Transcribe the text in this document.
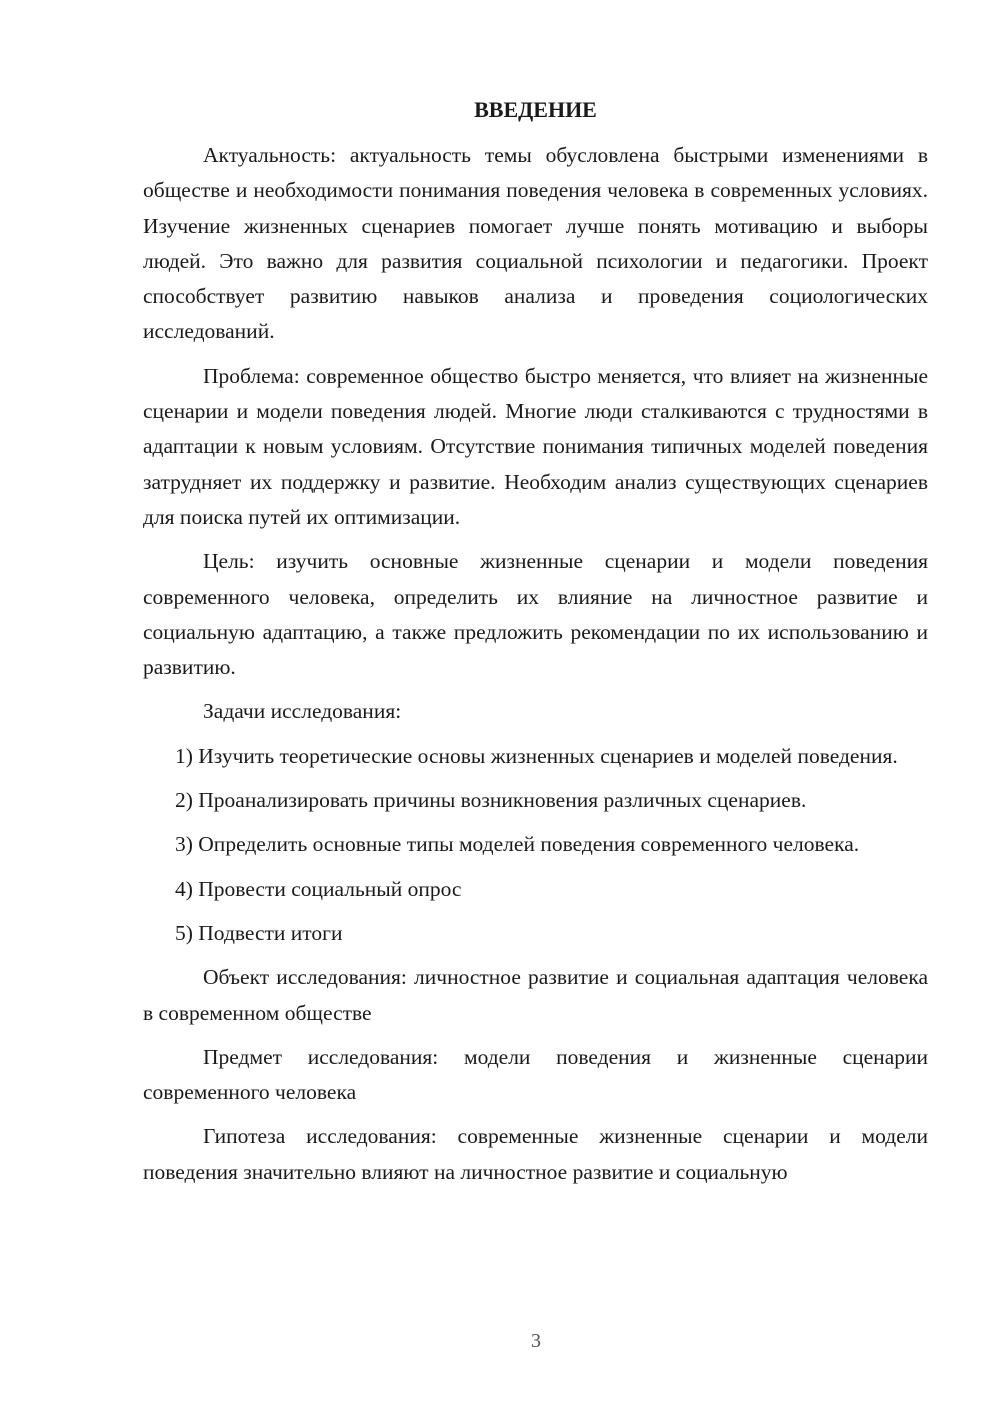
ВВЕДЕНИЕ

Актуальность: актуальность темы обусловлена быстрыми изменениями в обществе и необходимости понимания поведения человека в современных условиях. Изучение жизненных сценариев помогает лучше понять мотивацию и выборы людей. Это важно для развития социальной психологии и педагогики. Проект способствует развитию навыков анализа и проведения социологических исследований.

Проблема: современное общество быстро меняется, что влияет на жизненные сценарии и модели поведения людей. Многие люди сталкиваются с трудностями в адаптации к новым условиям. Отсутствие понимания типичных моделей поведения затрудняет их поддержку и развитие. Необходим анализ существующих сценариев для поиска путей их оптимизации.

Цель: изучить основные жизненные сценарии и модели поведения современного человека, определить их влияние на личностное развитие и социальную адаптацию, а также предложить рекомендации по их использованию и развитию.

Задачи исследования:

1) Изучить теоретические основы жизненных сценариев и моделей поведения.

2) Проанализировать причины возникновения различных сценариев.

3) Определить основные типы моделей поведения современного человека.

4) Провести социальный опрос

5) Подвести итоги

Объект исследования: личностное развитие и социальная адаптация человека в современном обществе

Предмет исследования: модели поведения и жизненные сценарии современного человека

Гипотеза исследования: современные жизненные сценарии и модели поведения значительно влияют на личностное развитие и социальную

3
